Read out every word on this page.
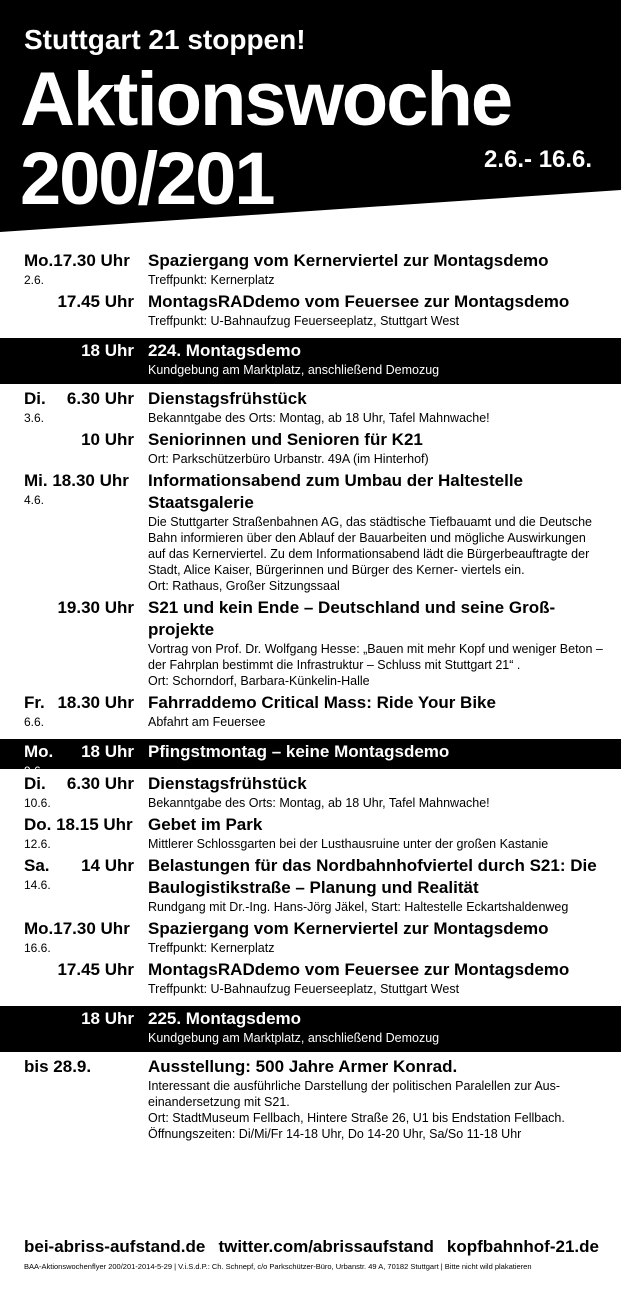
Stuttgart 21 stoppen!
Aktionswoche
200/201	2.6.- 16.6.
Mo.17.30 Uhr
2.6.
Spaziergang vom Kernerviertel zur Montagsdemo
Treffpunkt: Kernerplatz
17.45 Uhr MontagsRADdemo vom Feuersee zur Montagsdemo
Treffpunkt: U-Bahnaufzug Feuerseeplatz, Stuttgart West
18 Uhr 224. Montagsdemo
Kundgebung am Marktplatz, anschließend Demozug
Di. 6.30 Uhr
3.6.
Dienstagsfrühstück
Bekanntgabe des Orts: Montag, ab 18 Uhr, Tafel Mahnwache!
10 Uhr Seniorinnen und Senioren für K21
Ort: Parkschützerbüro Urbanstr. 49A (im Hinterhof)
Mi. 18.30 Uhr
4.6.
Informationsabend zum Umbau der Haltestelle Staatsgalerie
Die Stuttgarter Straßenbahnen AG, das städtische Tiefbauamt und die Deutsche Bahn informieren über den Ablauf der Bauarbeiten und mögliche Auswirkungen auf das Kernerviertel. Zu dem Informationsabend lädt die Bürgerbeauftragte der Stadt, Alice Kaiser, Bürgerinnen und Bürger des Kerner- viertels ein.
Ort: Rathaus, Großer Sitzungssaal
19.30 Uhr S21 und kein Ende – Deutschland und seine Groß- projekte
Vortrag von Prof. Dr. Wolfgang Hesse: „Bauen mit mehr Kopf und weniger Beton – der Fahrplan bestimmt die Infrastruktur – Schluss mit Stuttgart 21“ .
Ort: Schorndorf, Barbara-Künkelin-Halle
Fr. 18.30 Uhr
6.6.
Fahrraddemo Critical Mass: Ride Your Bike
Abfahrt am Feuersee
Mo. 18 Uhr
9.6.
Pfingstmontag – keine Montagsdemo
Di. 6.30 Uhr
10.6.
Dienstagsfrühstück
Bekanntgabe des Orts: Montag, ab 18 Uhr, Tafel Mahnwache!
Do. 18.15 Uhr
12.6.
Gebet im Park
Mittlerer Schlossgarten bei der Lusthausruine unter der großen Kastanie
Sa. 14 Uhr
14.6.
Belastungen für das Nordbahnhofviertel durch S21: Die Baulogistikstraße – Planung und Realität
Rundgang mit Dr.-Ing. Hans-Jörg Jäkel, Start: Haltestelle Eckartshaldenweg
Mo.17.30 Uhr
16.6.
Spaziergang vom Kernerviertel zur Montagsdemo
Treffpunkt: Kernerplatz
17.45 Uhr MontagsRADdemo vom Feuersee zur Montagsdemo
Treffpunkt: U-Bahnaufzug Feuerseeplatz, Stuttgart West
18 Uhr 225. Montagsdemo
Kundgebung am Marktplatz, anschließend Demozug
bis 28.9.	Ausstellung: 500 Jahre Armer Konrad.
Interessant die ausführliche Darstellung der politischen Paralellen zur Aus- einandersetzung mit S21.
Ort: StadtMuseum Fellbach, Hintere Straße 26, U1 bis Endstation Fellbach.
Öffnungszeiten: Di/Mi/Fr 14-18 Uhr, Do 14-20 Uhr, Sa/So 11-18 Uhr
bei-abriss-aufstand.de twitter.com/abrissaufstand kopfbahnhof-21.de
BAA-Aktionswochenflyer 200/201-2014-5-29 | V.i.S.d.P.: Ch. Schnepf, c/o Parkschützer-Büro, Urbanstr. 49 A, 70182 Stuttgart | Bitte nicht wild plakatieren
